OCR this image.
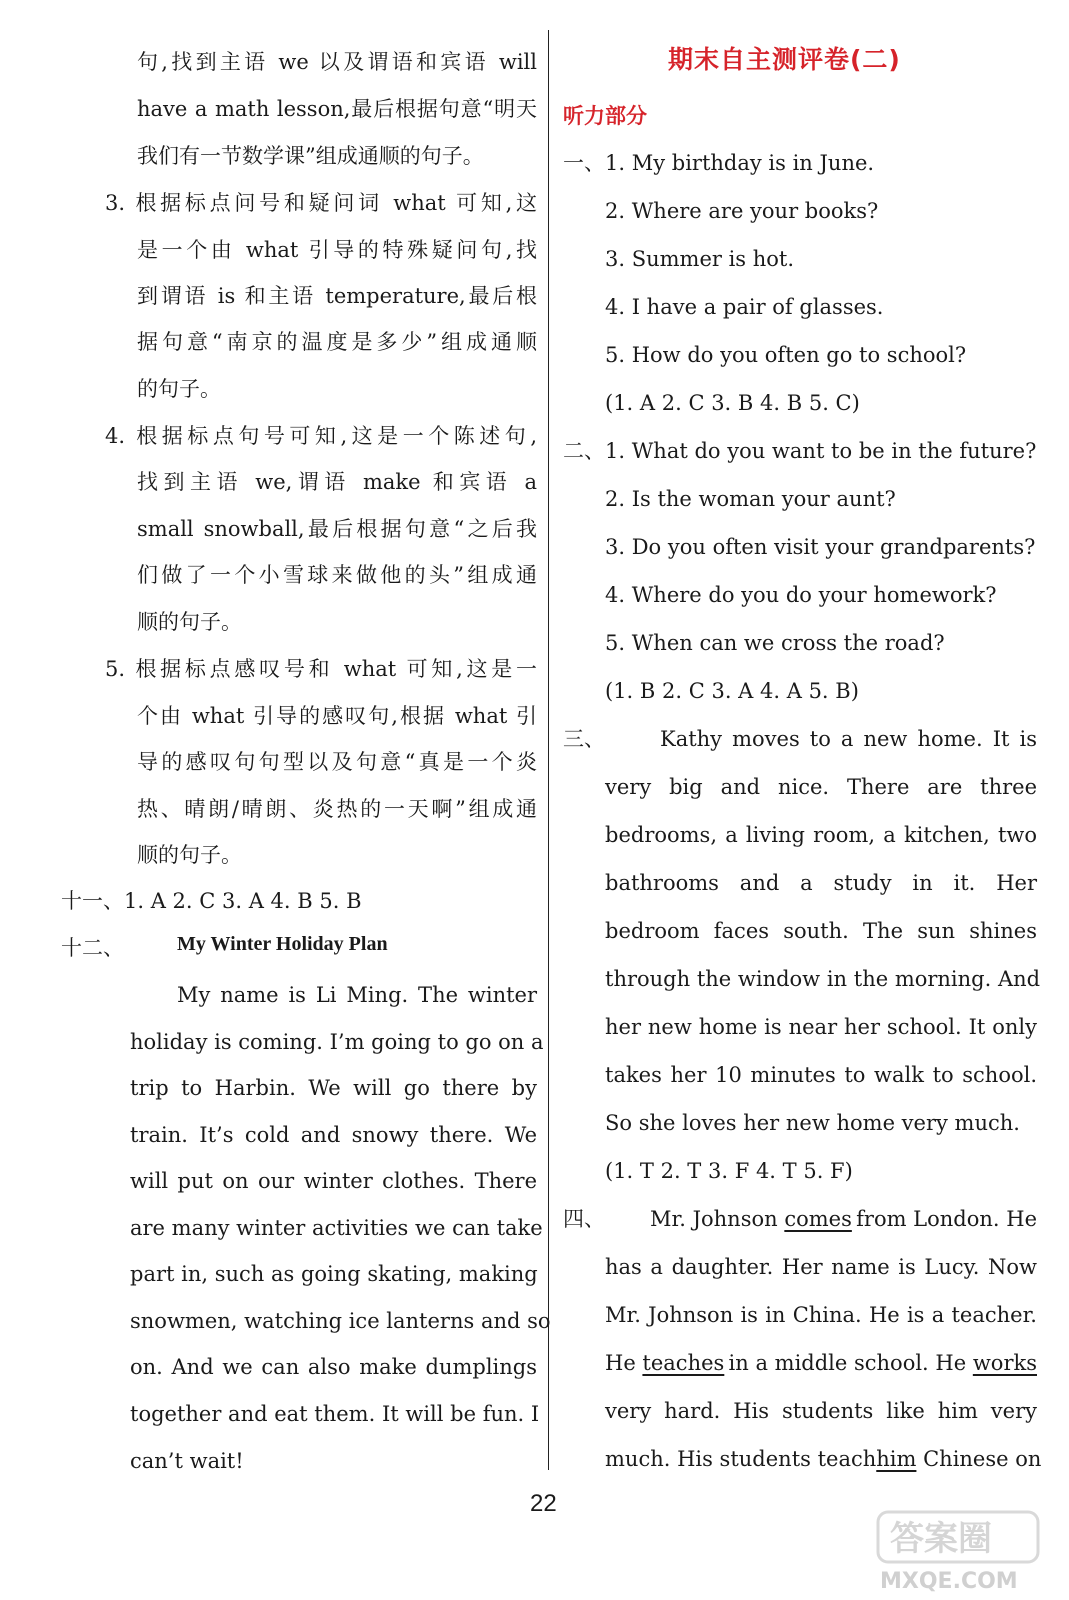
句,找到主语 we 以及谓语和宾语 will
have a math lesson,最后根据句意“明天
我们有一节数学课”组成通顺的句子。
3. 根据标点问号和疑问词 what 可知,这
是一个由 what 引导的特殊疑问句,找
到谓语 is 和主语 temperature,最后根
据句意“南京的温度是多少”组成通顺
的句子。
4. 根据标点句号可知,这是一个陈述句,
找到主语 we,谓语 make 和宾语 a
small snowball,最后根据句意“之后我
们做了一个小雪球来做他的头”组成通
顺的句子。
5. 根据标点感叹号和 what 可知,这是一
个由 what 引导的感叹句,根据 what 引
导的感叹句句型以及句意“真是一个炎
热、晴朗/晴朗、炎热的一天啊”组成通
顺的句子。
十一、1. A 2. C 3. A 4. B 5. B
十二、	My Winter Holiday Plan
My name is Li Ming. The winter
holiday is coming. I’m going to go on a
trip to Harbin. We will go there by
train. It’s cold and snowy there. We
will put on our winter clothes. There
are many winter activities we can take
part in, such as going skating, making
snowmen, watching ice lanterns and so
on. And we can also make dumplings
together and eat them. It will be fun. I
can’t wait!
期末自主测评卷(二)
听力部分
一、 1. My birthday is in June.
2. Where are your books?
3. Summer is hot.
4. I have a pair of glasses.
5. How do you often go to school?
(1. A 2. C 3. B 4. B 5. C)
二、 1. What do you want to be in the future?
2. Is the woman your aunt?
3. Do you often visit your grandparents?
4. Where do you do your homework?
5. When can we cross the road?
(1. B 2. C 3. A 4. A 5. B)
三、	Kathy moves to a new home. It is
very big and nice. There are three
bedrooms, a living room, a kitchen, two
bathrooms and a study in it. Her
bedroom faces south. The sun shines
through the window in the morning. And
her new home is near her school. It only
takes her 10 minutes to walk to school.
So she loves her new home very much.
(1. T 2. T 3. F 4. T 5. F)
四、 Mr. Johnson comes from London. He
has a daughter. Her name is Lucy. Now
Mr. Johnson is in China. He is a teacher.
He teaches in a middle school. He works
very hard. His students like him very
much. His students teach him Chinese on
22
答案圈
MXQE.COM
